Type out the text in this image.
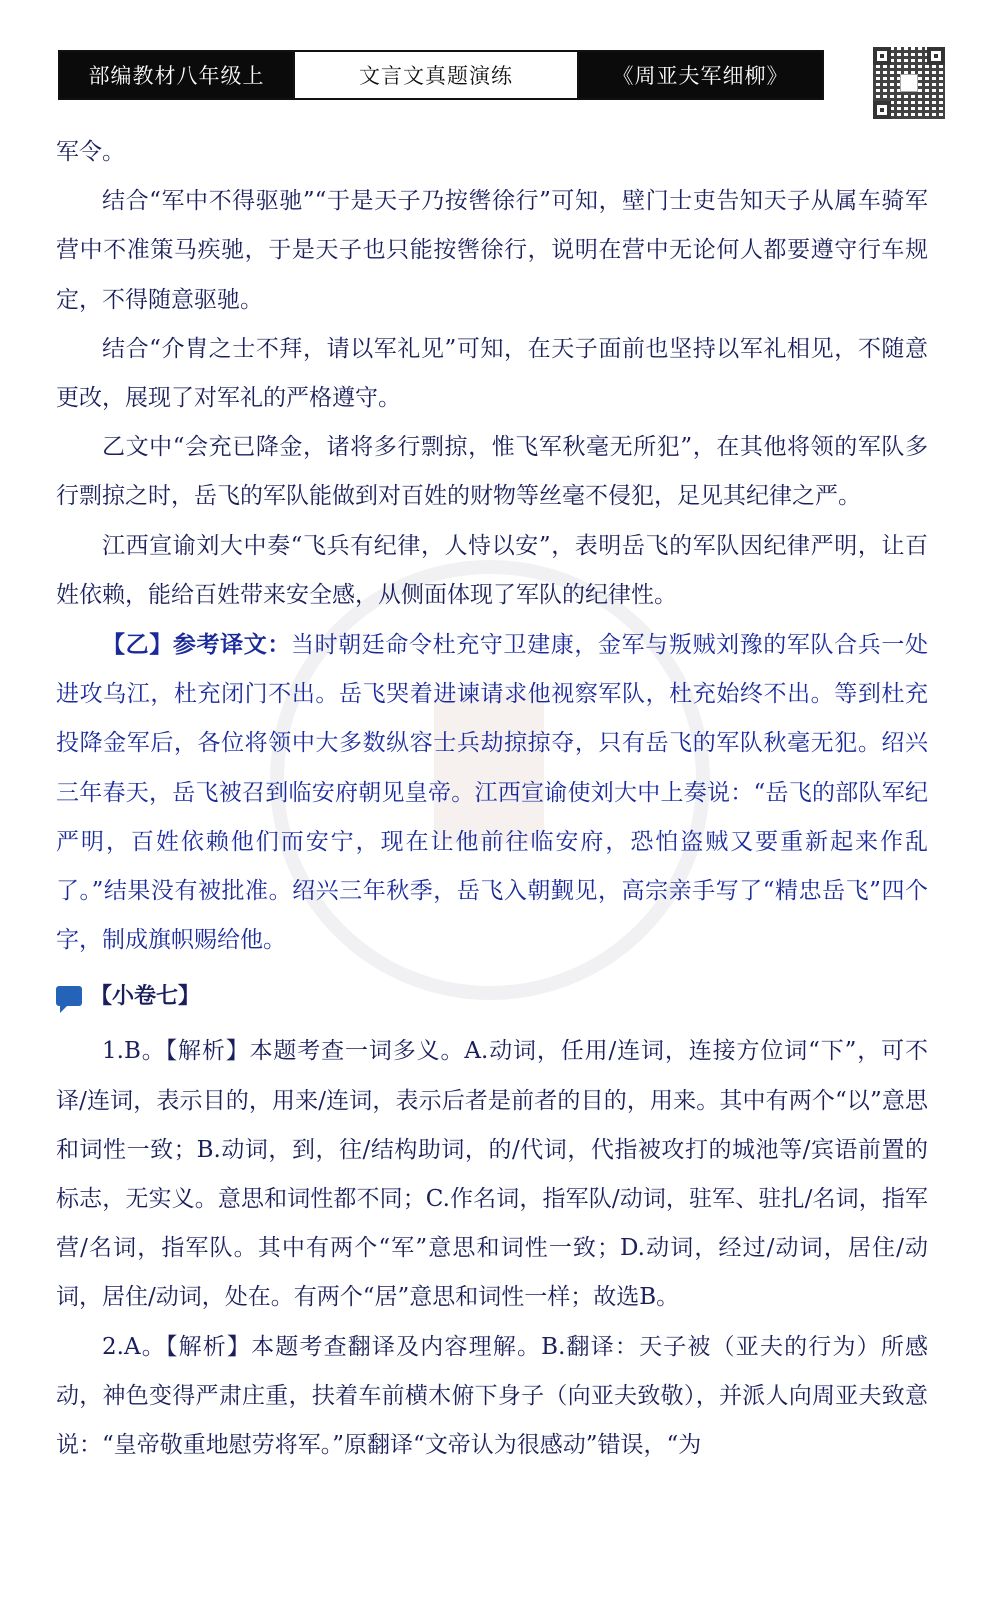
部编教材八年级上	文言文真题演练	《周亚夫军细柳》

军令。

结合“军中不得驱驰”“于是天子乃按辔徐行”可知，壁门士吏告知天子从属车骑军营中不准策马疾驰，于是天子也只能按辔徐行，说明在营中无论何人都要遵守行车规定，不得随意驱驰。

结合“介胄之士不拜，请以军礼见”可知，在天子面前也坚持以军礼相见，不随意更改，展现了对军礼的严格遵守。

乙文中“会充已降金，诸将多行剽掠，惟飞军秋毫无所犯”，在其他将领的军队多行剽掠之时，岳飞的军队能做到对百姓的财物等丝毫不侵犯，足见其纪律之严。

江西宣谕刘大中奏“飞兵有纪律，人恃以安”，表明岳飞的军队因纪律严明，让百姓依赖，能给百姓带来安全感，从侧面体现了军队的纪律性。

【乙】参考译文：当时朝廷命令杜充守卫建康，金军与叛贼刘豫的军队合兵一处进攻乌江，杜充闭门不出。岳飞哭着进谏请求他视察军队，杜充始终不出。等到杜充投降金军后，各位将领中大多数纵容士兵劫掠掠夺，只有岳飞的军队秋毫无犯。绍兴三年春天，岳飞被召到临安府朝见皇帝。江西宣谕使刘大中上奏说：“岳飞的部队军纪严明，百姓依赖他们而安宁，现在让他前往临安府，恐怕盗贼又要重新起来作乱了。”结果没有被批准。绍兴三年秋季，岳飞入朝觐见，高宗亲手写了“精忠岳飞”四个字，制成旗帜赐给他。

【小卷七】

1.B。【解析】本题考查一词多义。A.动词，任用/连词，连接方位词“下”，可不译/连词，表示目的，用来/连词，表示后者是前者的目的，用来。其中有两个“以”意思和词性一致；B.动词，到，往/结构助词，的/代词，代指被攻打的城池等/宾语前置的标志，无实义。意思和词性都不同；C.作名词，指军队/动词，驻军、驻扎/名词，指军营/名词，指军队。其中有两个“军”意思和词性一致；D.动词，经过/动词，居住/动词，居住/动词，处在。有两个“居”意思和词性一样；故选B。

2.A。【解析】本题考查翻译及内容理解。B.翻译：天子被（亚夫的行为）所感动，神色变得严肃庄重，扶着车前横木俯下身子（向亚夫致敬），并派人向周亚夫致意说：“皇帝敬重地慰劳将军。”原翻译“文帝认为很感动”错误，“为
